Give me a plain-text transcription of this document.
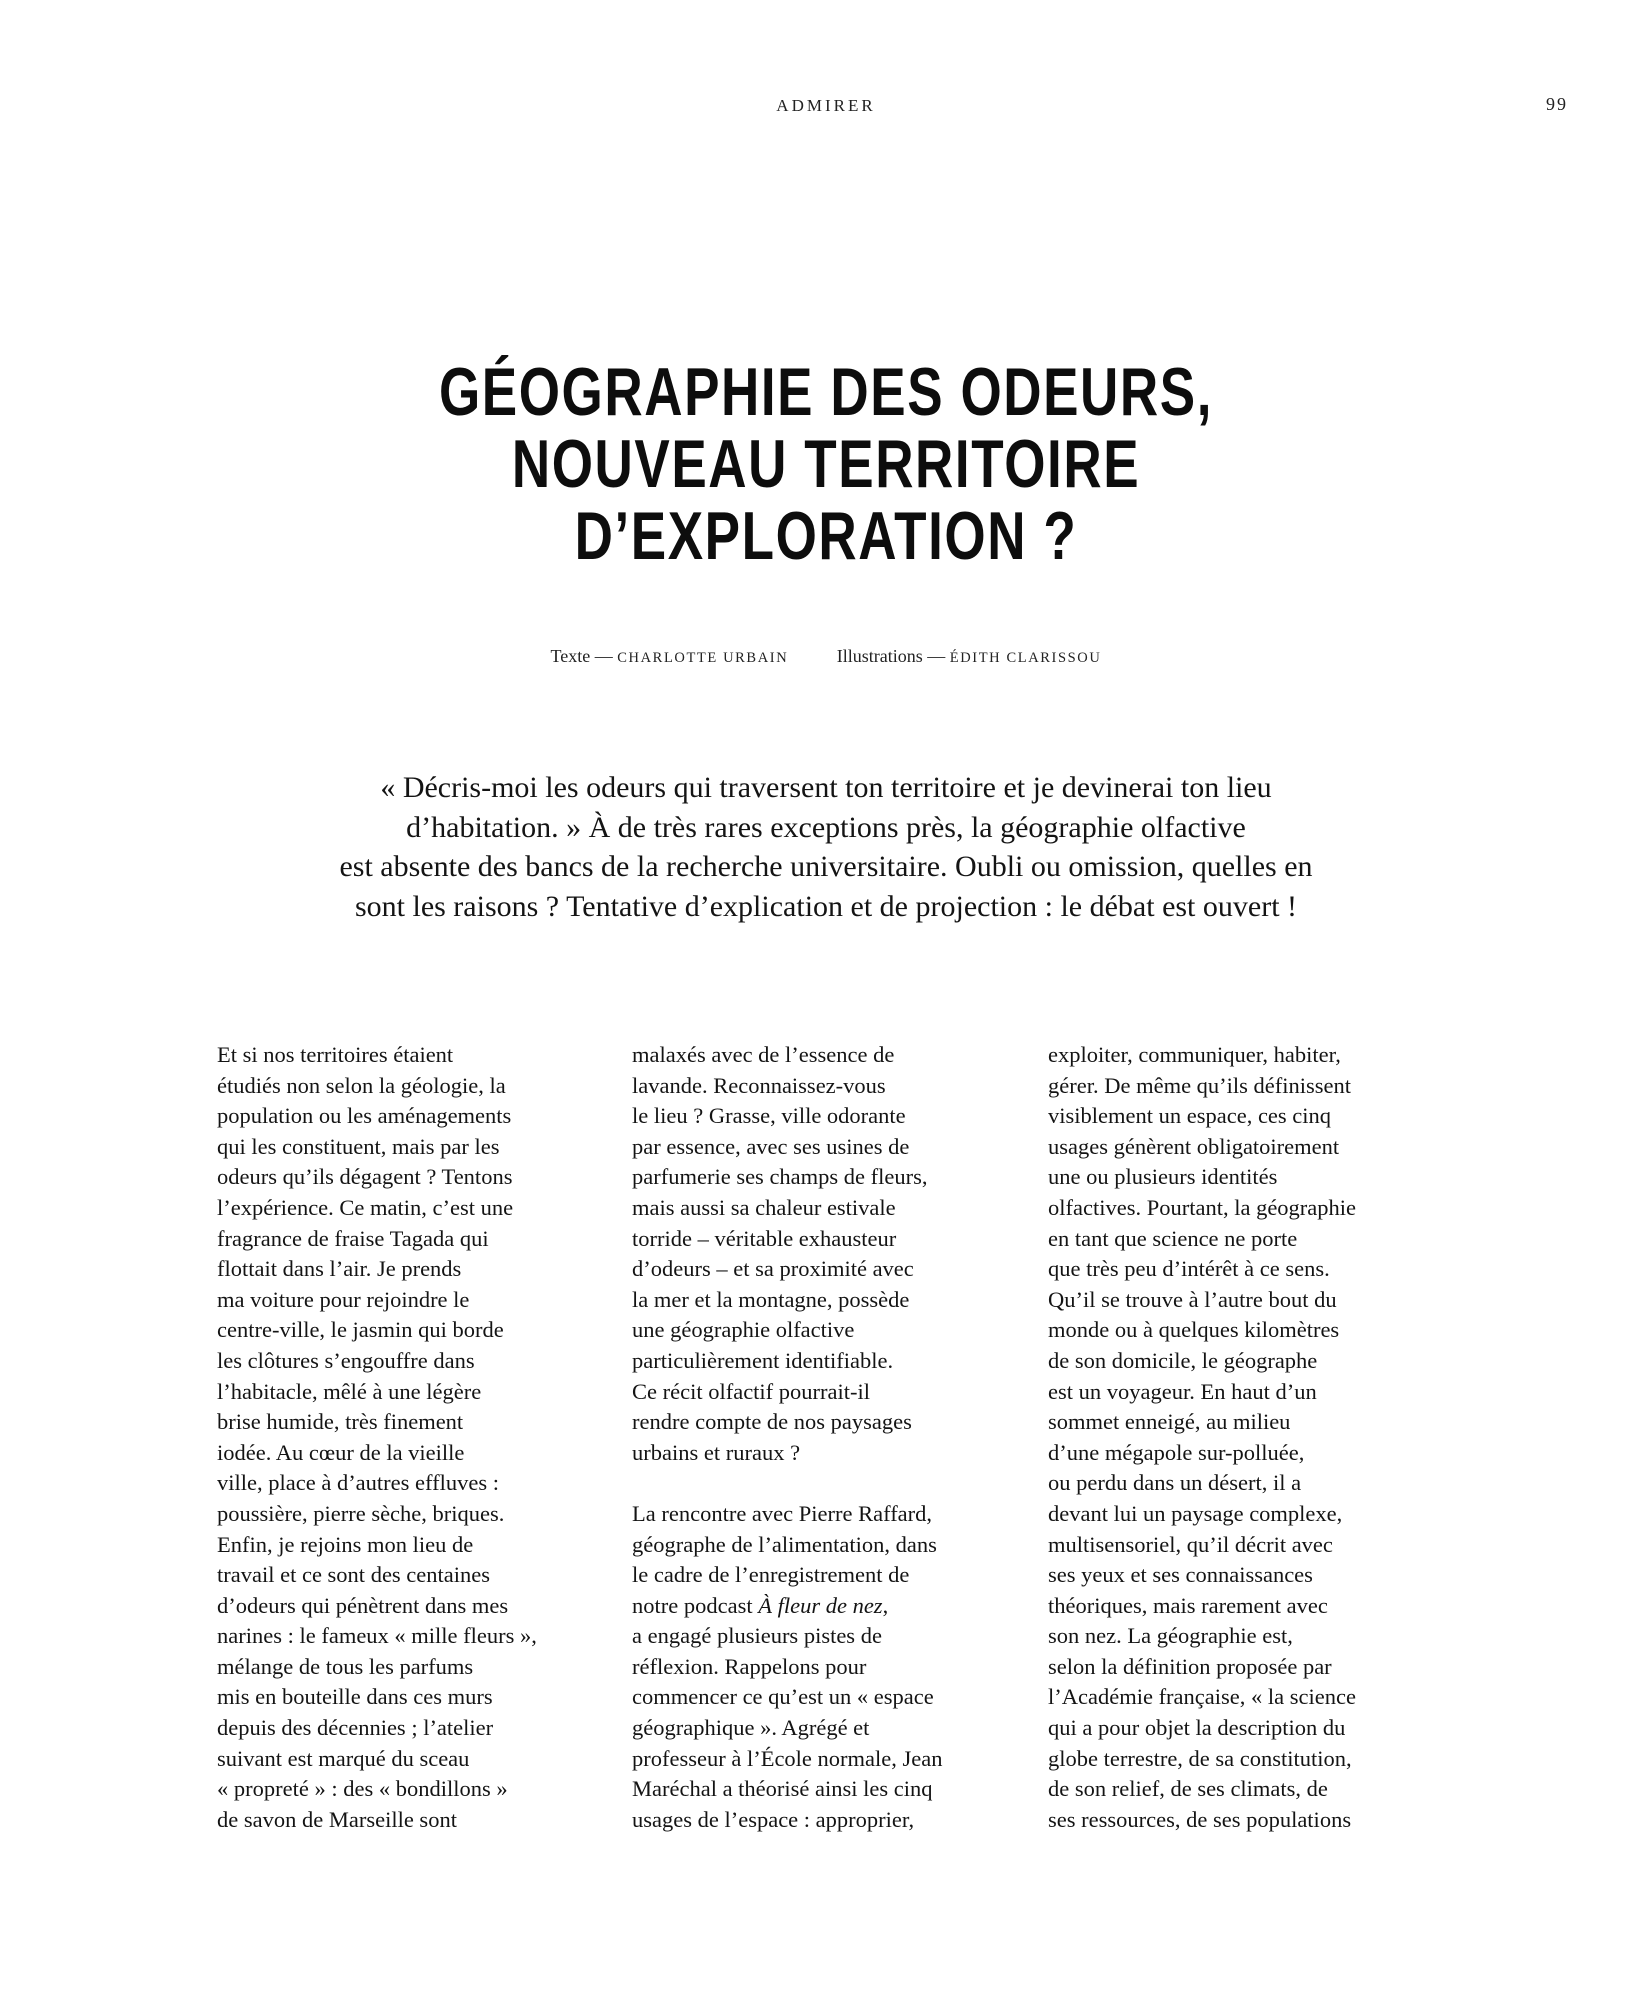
ADMIRER	99
GÉOGRAPHIE DES ODEURS,
NOUVEAU TERRITOIRE
D’EXPLORATION ?
Texte — CHARLOTTE URBAIN	Illustrations — ÉDITH CLARISSOU
« Décris-moi les odeurs qui traversent ton territoire et je devinerai ton lieu
d’habitation. » À de très rares exceptions près, la géographie olfactive
est absente des bancs de la recherche universitaire. Oubli ou omission, quelles en
sont les raisons ? Tentative d’explication et de projection : le débat est ouvert !
Et si nos territoires étaient
étudiés non selon la géologie, la
population ou les aménagements
qui les constituent, mais par les
odeurs qu’ils dégagent ? Tentons
l’expérience. Ce matin, c’est une
fragrance de fraise Tagada qui
flottait dans l’air. Je prends
ma voiture pour rejoindre le
centre-ville, le jasmin qui borde
les clôtures s’engouffre dans
l’habitacle, mêlé à une légère
brise humide, très finement
iodée. Au cœur de la vieille
ville, place à d’autres effluves :
poussière, pierre sèche, briques.
Enfin, je rejoins mon lieu de
travail et ce sont des centaines
d’odeurs qui pénètrent dans mes
narines : le fameux « mille fleurs »,
mélange de tous les parfums
mis en bouteille dans ces murs
depuis des décennies ; l’atelier
suivant est marqué du sceau
« propreté » : des « bondillons »
de savon de Marseille sont
malaxés avec de l’essence de
lavande. Reconnaissez-vous
le lieu ? Grasse, ville odorante
par essence, avec ses usines de
parfumerie ses champs de fleurs,
mais aussi sa chaleur estivale
torride – véritable exhausteur
d’odeurs – et sa proximité avec
la mer et la montagne, possède
une géographie olfactive
particulièrement identifiable.
Ce récit olfactif pourrait-il
rendre compte de nos paysages
urbains et ruraux ?
La rencontre avec Pierre Raffard,
géographe de l’alimentation, dans
le cadre de l’enregistrement de
notre podcast À fleur de nez,
a engagé plusieurs pistes de
réflexion. Rappelons pour
commencer ce qu’est un « espace
géographique ». Agrégé et
professeur à l’École normale, Jean
Maréchal a théorisé ainsi les cinq
usages de l’espace : approprier,
exploiter, communiquer, habiter,
gérer. De même qu’ils définissent
visiblement un espace, ces cinq
usages génèrent obligatoirement
une ou plusieurs identités
olfactives. Pourtant, la géographie
en tant que science ne porte
que très peu d’intérêt à ce sens.
Qu’il se trouve à l’autre bout du
monde ou à quelques kilomètres
de son domicile, le géographe
est un voyageur. En haut d’un
sommet enneigé, au milieu
d’une mégapole sur-polluée,
ou perdu dans un désert, il a
devant lui un paysage complexe,
multisensoriel, qu’il décrit avec
ses yeux et ses connaissances
théoriques, mais rarement avec
son nez. La géographie est,
selon la définition proposée par
l’Académie française, « la science
qui a pour objet la description du
globe terrestre, de sa constitution,
de son relief, de ses climats, de
ses ressources, de ses populations
